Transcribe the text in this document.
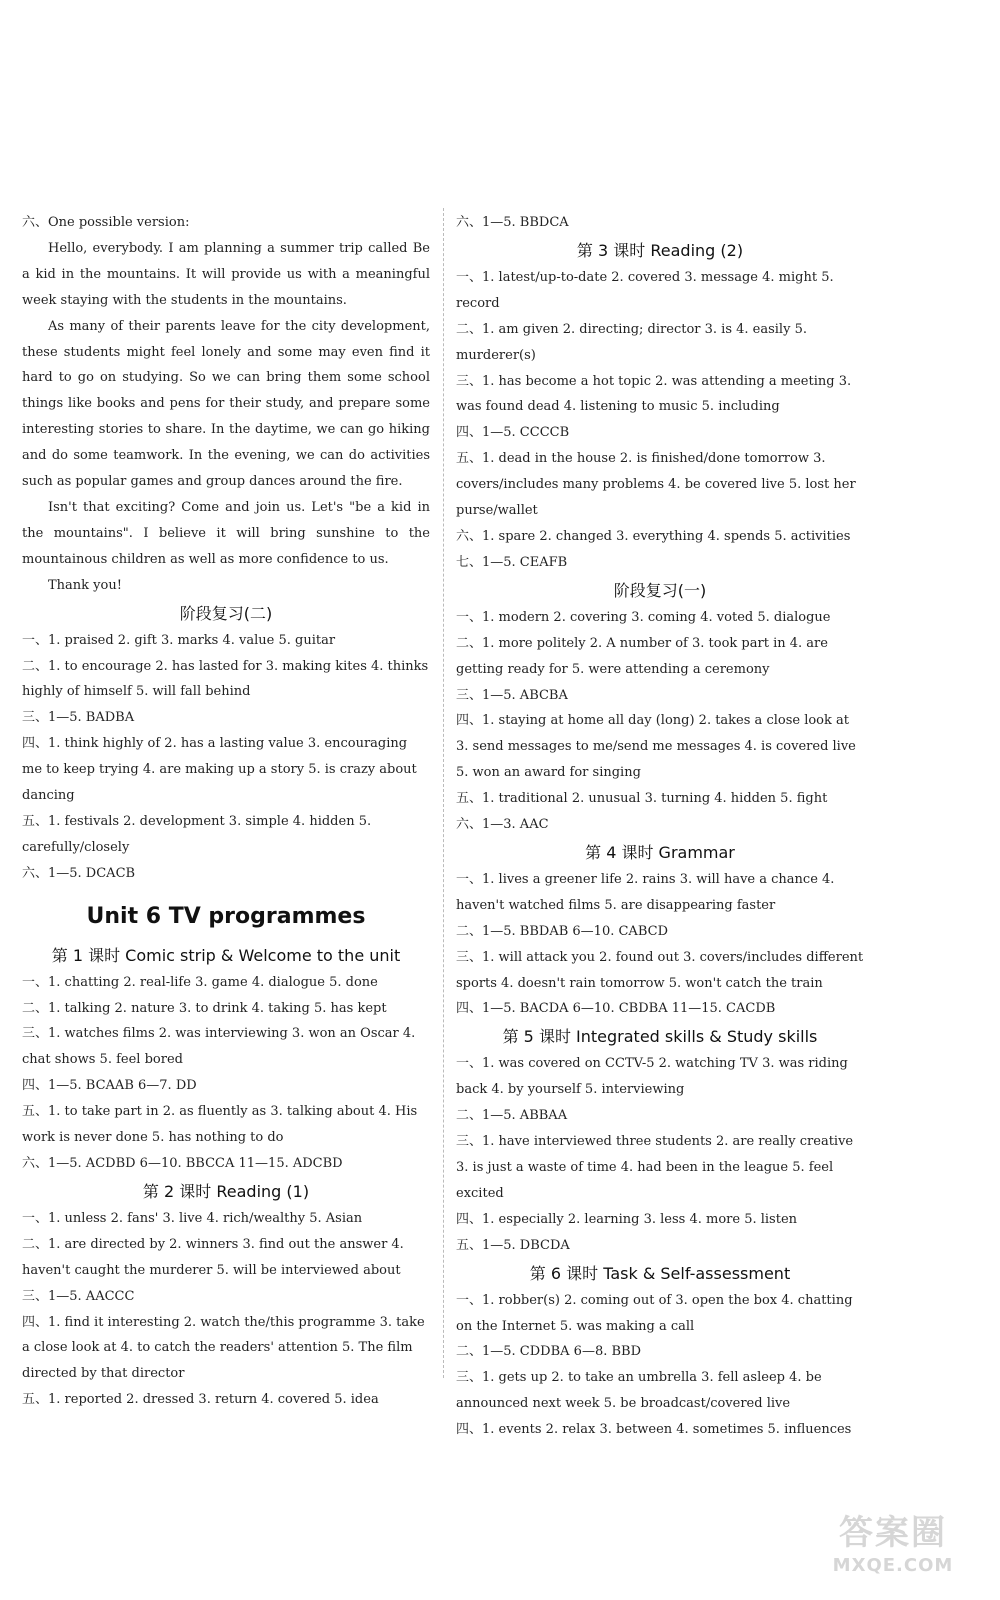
六、One possible version:

Hello, everybody. I am planning a summer trip called Be a kid in the mountains. It will provide us with a meaningful week staying with the students in the mountains.

As many of their parents leave for the city development, these students might feel lonely and some may even find it hard to go on studying. So we can bring them some school things like books and pens for their study, and prepare some interesting stories to share. In the daytime, we can go hiking and do some teamwork. In the evening, we can do activities such as popular games and group dances around the fire.

Isn't that exciting? Come and join us. Let's "be a kid in the mountains". I believe it will bring sunshine to the mountainous children as well as more confidence to us.

Thank you!

阶段复习(二)
一、1. praised 2. gift 3. marks 4. value 5. guitar
二、1. to encourage 2. has lasted for 3. making kites 4. thinks highly of himself 5. will fall behind
三、1—5. BADBA
四、1. think highly of 2. has a lasting value 3. encouraging me to keep trying 4. are making up a story 5. is crazy about dancing
五、1. festivals 2. development 3. simple 4. hidden 5. carefully/closely
六、1—5. DCACB
Unit 6 TV programmes
第 1 课时 Comic strip & Welcome to the unit
一、1. chatting 2. real-life 3. game 4. dialogue 5. done
二、1. talking 2. nature 3. to drink 4. taking 5. has kept
三、1. watches films 2. was interviewing 3. won an Oscar 4. chat shows 5. feel bored
四、1—5. BCAAB 6—7. DD
五、1. to take part in 2. as fluently as 3. talking about 4. His work is never done 5. has nothing to do
六、1—5. ACDBD 6—10. BBCCA 11—15. ADCBD
第 2 课时 Reading (1)
一、1. unless 2. fans' 3. live 4. rich/wealthy 5. Asian
二、1. are directed by 2. winners 3. find out the answer 4. haven't caught the murderer 5. will be interviewed about
三、1—5. AACCC
四、1. find it interesting 2. watch the/this programme 3. take a close look at 4. to catch the readers' attention 5. The film directed by that director
五、1. reported 2. dressed 3. return 4. covered 5. idea
六、1—5. BBDCA
第 3 课时 Reading (2)
一、1. latest/up-to-date 2. covered 3. message 4. might 5. record
二、1. am given 2. directing; director 3. is 4. easily 5. murderer(s)
三、1. has become a hot topic 2. was attending a meeting 3. was found dead 4. listening to music 5. including
四、1—5. CCCCB
五、1. dead in the house 2. is finished/done tomorrow 3. covers/includes many problems 4. be covered live 5. lost her purse/wallet
六、1. spare 2. changed 3. everything 4. spends 5. activities
七、1—5. CEAFB
阶段复习(一)
一、1. modern 2. covering 3. coming 4. voted 5. dialogue
二、1. more politely 2. A number of 3. took part in 4. are getting ready for 5. were attending a ceremony
三、1—5. ABCBA
四、1. staying at home all day (long) 2. takes a close look at 3. send messages to me/send me messages 4. is covered live 5. won an award for singing
五、1. traditional 2. unusual 3. turning 4. hidden 5. fight
六、1—3. AAC
第 4 课时 Grammar
一、1. lives a greener life 2. rains 3. will have a chance 4. haven't watched films 5. are disappearing faster
二、1—5. BBDAB 6—10. CABCD
三、1. will attack you 2. found out 3. covers/includes different sports 4. doesn't rain tomorrow 5. won't catch the train
四、1—5. BACDA 6—10. CBDBA 11—15. CACDB
第 5 课时 Integrated skills & Study skills
一、1. was covered on CCTV-5 2. watching TV 3. was riding back 4. by yourself 5. interviewing
二、1—5. ABBAA
三、1. have interviewed three students 2. are really creative 3. is just a waste of time 4. had been in the league 5. feel excited
四、1. especially 2. learning 3. less 4. more 5. listen
五、1—5. DBCDA
第 6 课时 Task & Self-assessment
一、1. robber(s) 2. coming out of 3. open the box 4. chatting on the Internet 5. was making a call
二、1—5. CDDBA 6—8. BBD
三、1. gets up 2. to take an umbrella 3. fell asleep 4. be announced next week 5. be broadcast/covered live
四、1. events 2. relax 3. between 4. sometimes 5. influences
答案圈
MXQE.COM
